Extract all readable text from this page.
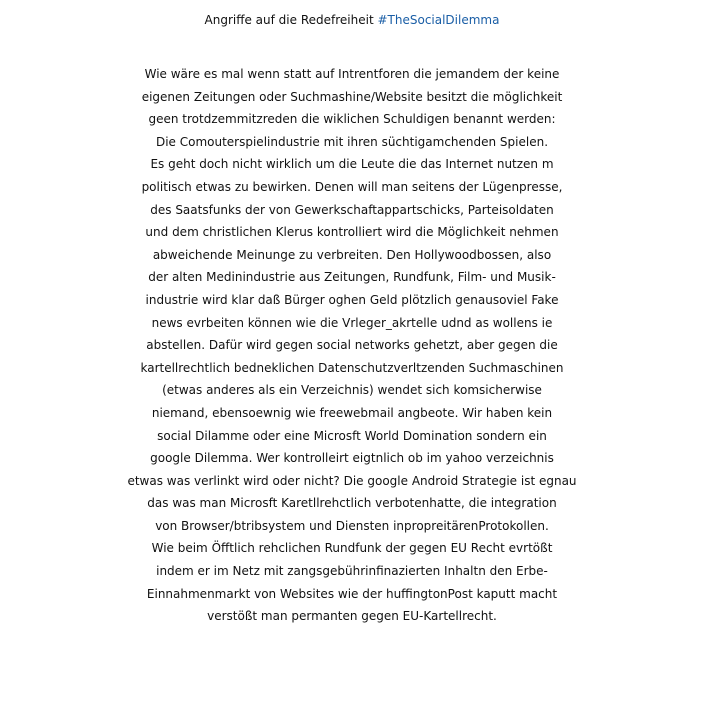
Angriffe auf die Redefreiheit #TheSocialDilemma
Wie wäre es mal wenn statt auf Intrentforen die jemandem der keine
eigenen Zeitungen oder Suchmashine/Website besitzt die möglichkeit
geen trotdzemmitzreden die wiklichen Schuldigen benannt werden:
Die Comouterspielindustrie mit ihren süchtigamchenden Spielen.
Es geht doch nicht wirklich um die Leute die das Internet nutzen m
politisch etwas zu bewirken. Denen will man seitens der Lügenpresse,
des Saatsfunks der von Gewerkschaftappartschicks, Parteisoldaten
und dem christlichen Klerus kontrolliert wird die Möglichkeit nehmen
abweichende Meinunge zu verbreiten. Den Hollywoodbossen, also
der alten Medinindustrie aus Zeitungen, Rundfunk, Film- und Musik-
industrie wird klar daß Bürger oghen Geld plötzlich genausoviel Fake
news evrbeiten können wie die Vrleger_akrtelle udnd as wollens ie
abstellen. Dafür wird gegen social networks gehetzt, aber gegen die
kartellrechtlich bedneklichen Datenschutzverltzenden Suchmaschinen
(etwas anderes als ein Verzeichnis) wendet sich komsicherwise
niemand, ebensoewnig wie freewebmail angbeote. Wir haben kein
social Dilamme oder eine Microsft World Domination sondern ein
google Dilemma. Wer kontrolleirt eigtnlich ob im yahoo verzeichnis
etwas was verlinkt wird oder nicht? Die google Android Strategie ist egnau
das was man Microsft Karetllrehctlich verbotenhatte, die integration
von Browser/btribsystem und Diensten inpropreitärenProtokollen.
Wie beim Öfftlich rehclichen Rundfunk der gegen EU Recht evrtößt
indem er im Netz mit zangsgebührinfinazierten Inhaltn den Erbe-
Einnahmenmarkt von Websites wie der huffingtonPost kaputt macht
verstößt man permanten gegen EU-Kartellrecht.
